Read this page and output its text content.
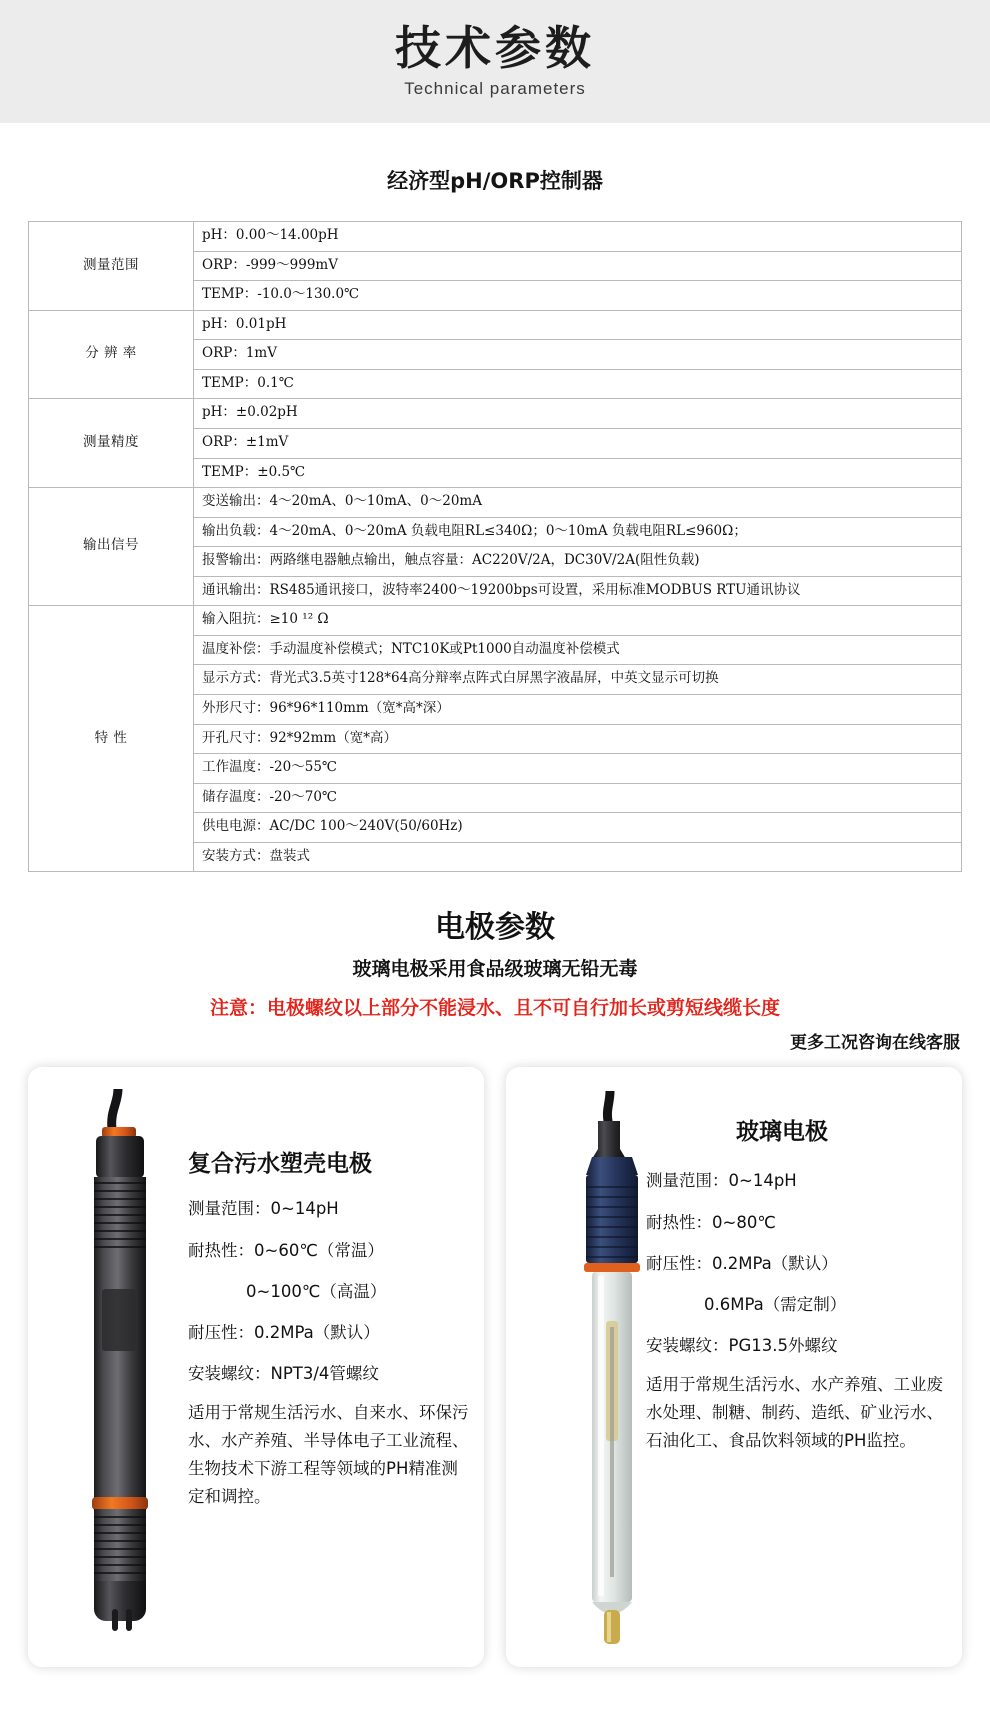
技术参数
Technical parameters
经济型pH/ORP控制器
测量范围	pH：0.00～14.00pH
	ORP：-999～999mV
	TEMP：-10.0～130.0℃
分 辨 率	pH：0.01pH
	ORP：1mV
	TEMP：0.1℃
测量精度	pH：±0.02pH
	ORP：±1mV
	TEMP：±0.5℃
输出信号	变送输出：4～20mA、0～10mA、0～20mA
	输出负载：4～20mA、0～20mA 负载电阻RL≤340Ω；0～10mA 负载电阻RL≤960Ω；
	报警输出：两路继电器触点输出，触点容量：AC220V/2A，DC30V/2A(阻性负载)
	通讯输出：RS485通讯接口，波特率2400～19200bps可设置，采用标准MODBUS RTU通讯协议
特 性	输入阻抗：≥10 ¹² Ω
	温度补偿：手动温度补偿模式；NTC10K或Pt1000自动温度补偿模式
	显示方式：背光式3.5英寸128*64高分辩率点阵式白屏黑字液晶屏，中英文显示可切换
	外形尺寸：96*96*110mm（宽*高*深）
	开孔尺寸：92*92mm（宽*高）
	工作温度：-20～55℃
	储存温度：-20～70℃
	供电电源：AC/DC 100～240V(50/60Hz)
	安装方式：盘装式
电极参数
玻璃电极采用食品级玻璃无铅无毒
注意：电极螺纹以上部分不能浸水、且不可自行加长或剪短线缆长度
更多工况咨询在线客服
复合污水塑壳电极

测量范围：0~14pH

耐热性：0~60℃（常温）

0~100℃（高温）

耐压性：0.2MPa（默认）

安装螺纹：NPT3/4管螺纹

适用于常规生活污水、自来水、环保污水、水产养殖、半导体电子工业流程、生物技术下游工程等领域的PH精准测定和调控。

玻璃电极

测量范围：0~14pH

耐热性：0~80℃

耐压性：0.2MPa（默认）

0.6MPa（需定制）

安装螺纹：PG13.5外螺纹

适用于常规生活污水、水产养殖、工业废水处理、制糖、制药、造纸、矿业污水、石油化工、食品饮料领域的PH监控。
